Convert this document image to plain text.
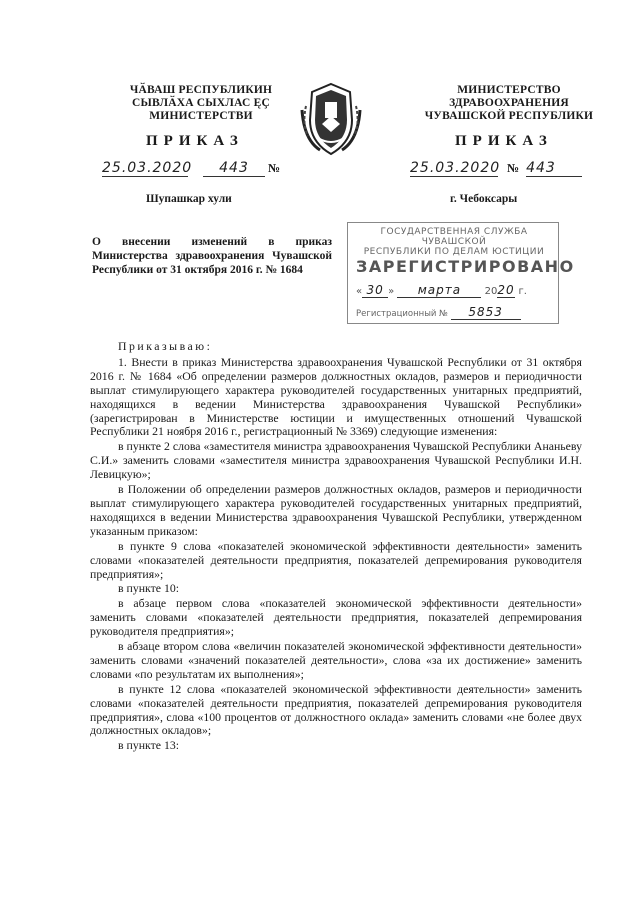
ЧӐВАШ РЕСПУБЛИКИН
СЫВЛӐХА СЫХЛАС ĘҪ
МИНИСТЕРСТВИ
МИНИСТЕРСТВО
ЗДРАВООХРАНЕНИЯ
ЧУВАШСКОЙ РЕСПУБЛИКИ
ПРИКАЗ	ПРИКАЗ
25.03.2020 443 №	25.03.2020 № 443
Шупашкар хули	г. Чебоксары
О внесении изменений в приказ Министерства здравоохранения Чувашской Республики от 31 октября 2016 г. № 1684
ГОСУДАРСТВЕННАЯ СЛУЖБА ЧУВАШСКОЙ
РЕСПУБЛИКИ ПО ДЕЛАМ ЮСТИЦИИ
ЗАРЕГИСТРИРОВАНО
« 30 » марта 2020 г.
Регистрационный № 5853

Приказываю:

1. Внести в приказ Министерства здравоохранения Чувашской Республики от 31 октября 2016 г. № 1684 «Об определении размеров должностных окладов, размеров и периодичности выплат стимулирующего характера руководителей государственных унитарных предприятий, находящихся в ведении Министерства здравоохранения Чувашской Республики» (зарегистрирован в Министерстве юстиции и имущественных отношений Чувашской Республики 21 ноября 2016 г., регистрационный № 3369) следующие изменения:

в пункте 2 слова «заместителя министра здравоохранения Чувашской Республики Ананьеву С.И.» заменить словами «заместителя министра здравоохранения Чувашской Республики И.Н. Левицкую»;

в Положении об определении размеров должностных окладов, размеров и периодичности выплат стимулирующего характера руководителей государственных унитарных предприятий, находящихся в ведении Министерства здравоохранения Чувашской Республики, утвержденном указанным приказом:

в пункте 9 слова «показателей экономической эффективности деятельности» заменить словами «показателей деятельности предприятия, показателей депремирования руководителя предприятия»;

в пункте 10:

в абзаце первом слова «показателей экономической эффективности деятельности» заменить словами «показателей деятельности предприятия, показателей депремирования руководителя предприятия»;

в абзаце втором слова «величин показателей экономической эффективности деятельности» заменить словами «значений показателей деятельности», слова «за их достижение» заменить словами «по результатам их выполнения»;

в пункте 12 слова «показателей экономической эффективности деятельности» заменить словами «показателей деятельности предприятия, показателей депремирования руководителя предприятия», слова «100 процентов от должностного оклада» заменить словами «не более двух должностных окладов»;

в пункте 13:
